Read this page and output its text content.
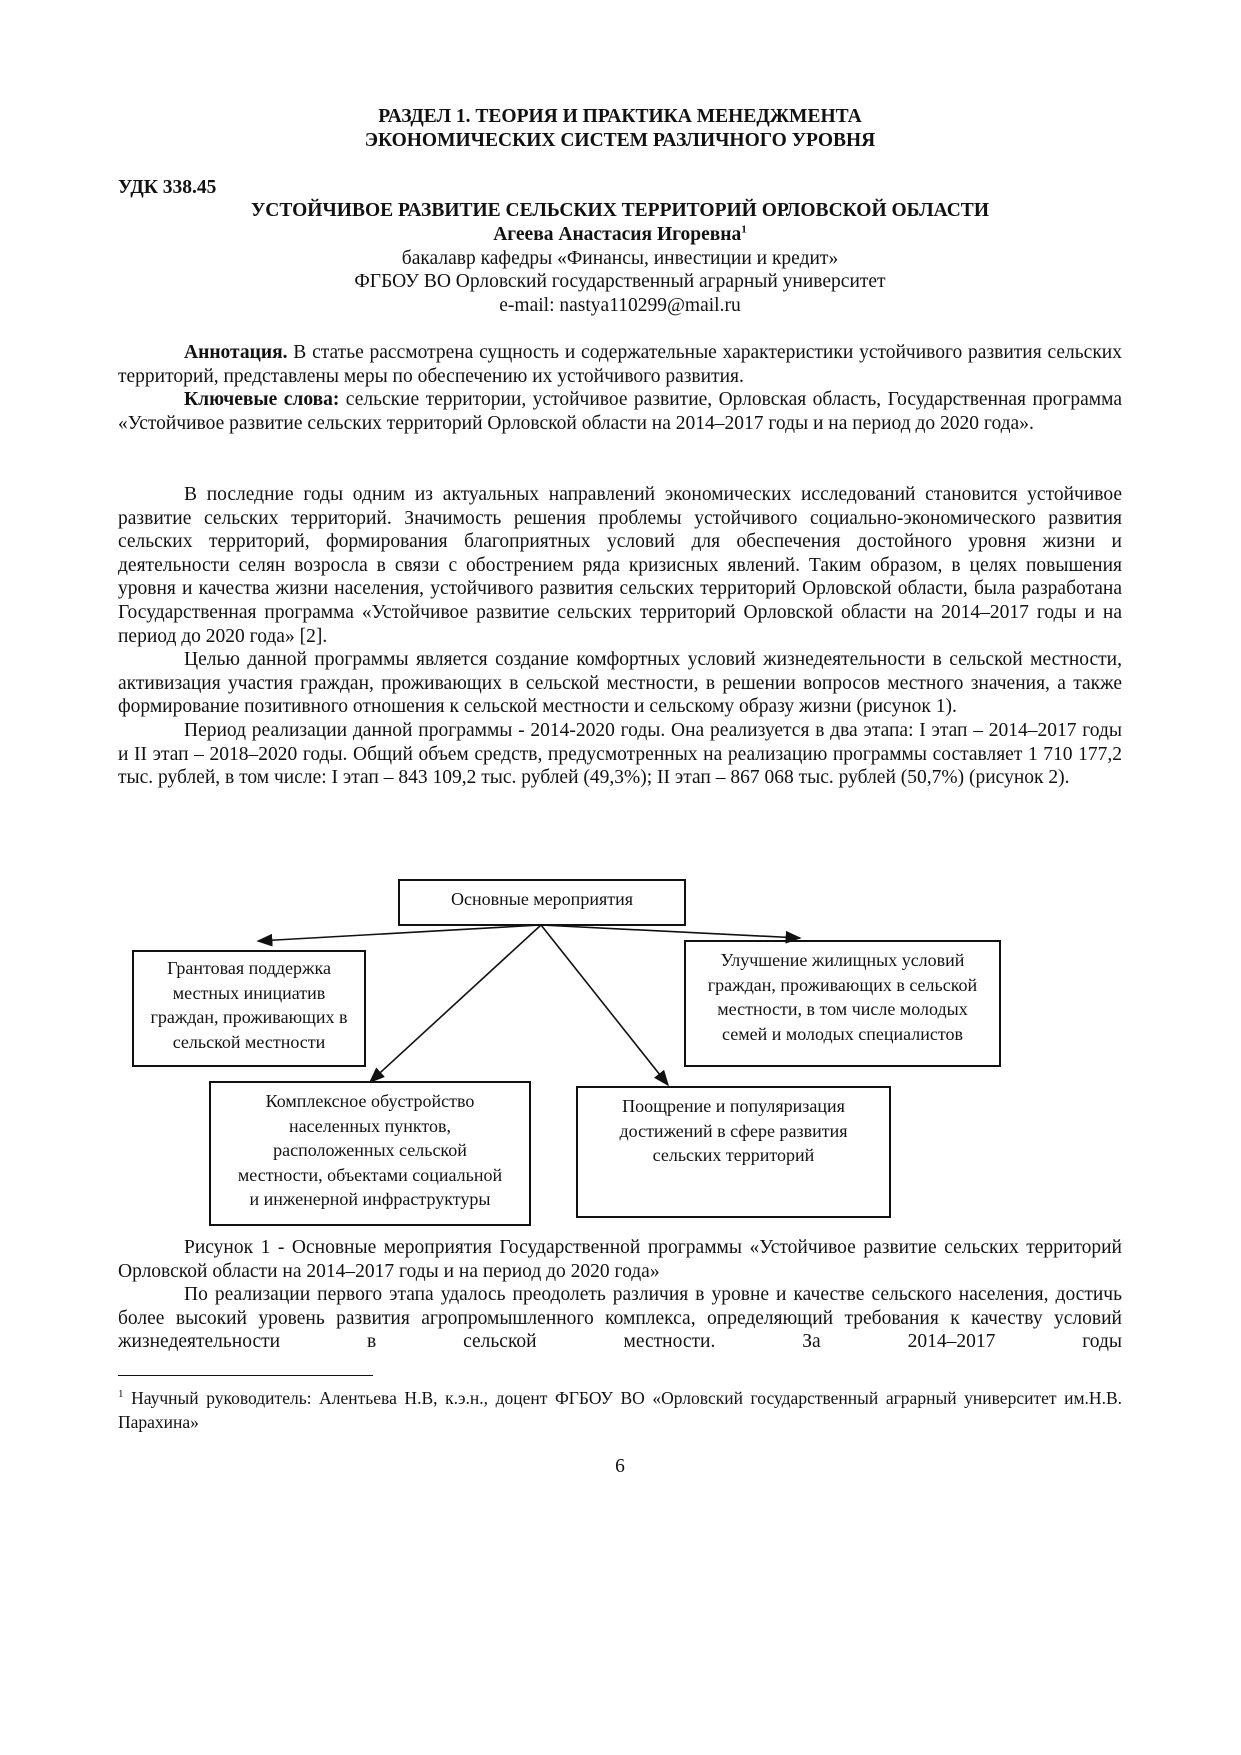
РАЗДЕЛ 1. ТЕОРИЯ И ПРАКТИКА МЕНЕДЖМЕНТА
ЭКОНОМИЧЕСКИХ СИСТЕМ РАЗЛИЧНОГО УРОВНЯ
УДК 338.45
УСТОЙЧИВОЕ РАЗВИТИЕ СЕЛЬСКИХ ТЕРРИТОРИЙ ОРЛОВСКОЙ ОБЛАСТИ
Агеева Анастасия Игоревна$^1$
бакалавр кафедры «Финансы, инвестиции и кредит»
ФГБОУ ВО Орловский государственный аграрный университет
e-mail: nastya110299@mail.ru

Аннотация. В статье рассмотрена сущность и содержательные характеристики устойчивого развития сельских территорий, представлены меры по обеспечению их устойчивого развития.

Ключевые слова: сельские территории, устойчивое развитие, Орловская область, Государственная программа «Устойчивое развитие сельских территорий Орловской области на 2014–2017 годы и на период до 2020 года».

В последние годы одним из актуальных направлений экономических исследований становится устойчивое развитие сельских территорий. Значимость решения проблемы устойчивого социально-экономического развития сельских территорий, формирования благоприятных условий для обеспечения достойного уровня жизни и деятельности селян возросла в связи с обострением ряда кризисных явлений. Таким образом, в целях повышения уровня и качества жизни населения, устойчивого развития сельских территорий Орловской области, была разработана Государственная программа «Устойчивое развитие сельских территорий Орловской области на 2014–2017 годы и на период до 2020 года» [2].

Целью данной программы является создание комфортных условий жизнедеятельности в сельской местности, активизация участия граждан, проживающих в сельской местности, в решении вопросов местного значения, а также формирование позитивного отношения к сельской местности и сельскому образу жизни (рисунок 1).

Период реализации данной программы - 2014-2020 годы. Она реализуется в два этапа: I этап – 2014–2017 годы и II этап – 2018–2020 годы. Общий объем средств, предусмотренных на реализацию программы составляет 1 710 177,2 тыс. рублей, в том числе: I этап – 843 109,2 тыс. рублей (49,3%); II этап – 867 068 тыс. рублей (50,7%) (рисунок 2).

Основные мероприятия
Грантовая поддержка местных инициатив граждан, проживающих в сельской местности
Улучшение жилищных условий граждан, проживающих в сельской местности, в том числе молодых семей и молодых специалистов
Комплексное обустройство населенных пунктов, расположенных сельской местности, объектами социальной и инженерной инфраструктуры
Поощрение и популяризация достижений в сфере развития сельских территорий

Рисунок 1 - Основные мероприятия Государственной программы «Устойчивое развитие сельских территорий Орловской области на 2014–2017 годы и на период до 2020 года»

По реализации первого этапа удалось преодолеть различия в уровне и качестве сельского населения, достичь более высокий уровень развития агропромышленного комплекса, определяющий требования к качеству условий жизнедеятельности в сельской местности. За 2014–2017 годы

$^1$ Научный руководитель: Алентьева Н.В, к.э.н., доцент ФГБОУ ВО «Орловский государственный аграрный университет им.Н.В. Парахина»
6
